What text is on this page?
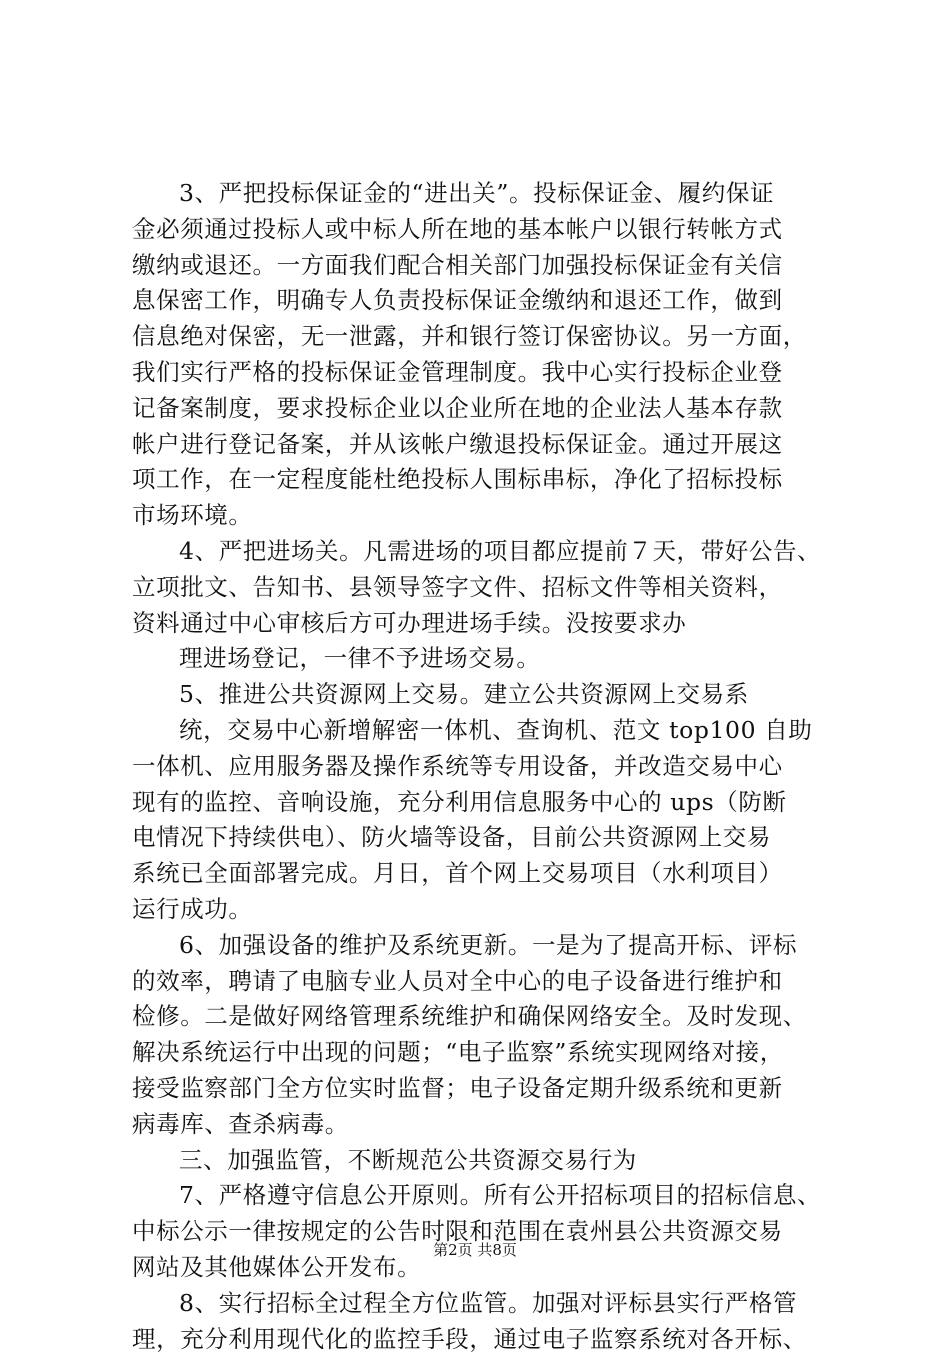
3、严把投标保证金的“进出关”。投标保证金、履约保证
金必须通过投标人或中标人所在地的基本帐户以银行转帐方式
缴纳或退还。一方面我们配合相关部门加强投标保证金有关信
息保密工作，明确专人负责投标保证金缴纳和退还工作，做到
信息绝对保密，无一泄露，并和银行签订保密协议。另一方面，
我们实行严格的投标保证金管理制度。我中心实行投标企业登
记备案制度，要求投标企业以企业所在地的企业法人基本存款
帐户进行登记备案，并从该帐户缴退投标保证金。通过开展这
项工作，在一定程度能杜绝投标人围标串标，净化了招标投标
市场环境。
4、严把进场关。凡需进场的项目都应提前７天，带好公告、
立项批文、告知书、县领导签字文件、招标文件等相关资料，
资料通过中心审核后方可办理进场手续。没按要求办
理进场登记，一律不予进场交易。
5、推进公共资源网上交易。建立公共资源网上交易系
统，交易中心新增解密一体机、查询机、范文 top100 自助
一体机、应用服务器及操作系统等专用设备，并改造交易中心
现有的监控、音响设施，充分利用信息服务中心的 ups（防断
电情况下持续供电）、防火墙等设备，目前公共资源网上交易
系统已全面部署完成。月日，首个网上交易项目（水利项目）
运行成功。
6、加强设备的维护及系统更新。一是为了提高开标、评标
的效率，聘请了电脑专业人员对全中心的电子设备进行维护和
检修。二是做好网络管理系统维护和确保网络安全。及时发现、
解决系统运行中出现的问题；“电子监察”系统实现网络对接，
接受监察部门全方位实时监督；电子设备定期升级系统和更新
病毒库、查杀病毒。
三、加强监管，不断规范公共资源交易行为
7、严格遵守信息公开原则。所有公开招标项目的招标信息、
中标公示一律按规定的公告时限和范围在袁州县公共资源交易
网站及其他媒体公开发布。
8、实行招标全过程全方位监管。加强对评标县实行严格管
理，充分利用现代化的监控手段，通过电子监察系统对各开标、
第2页 共8页
